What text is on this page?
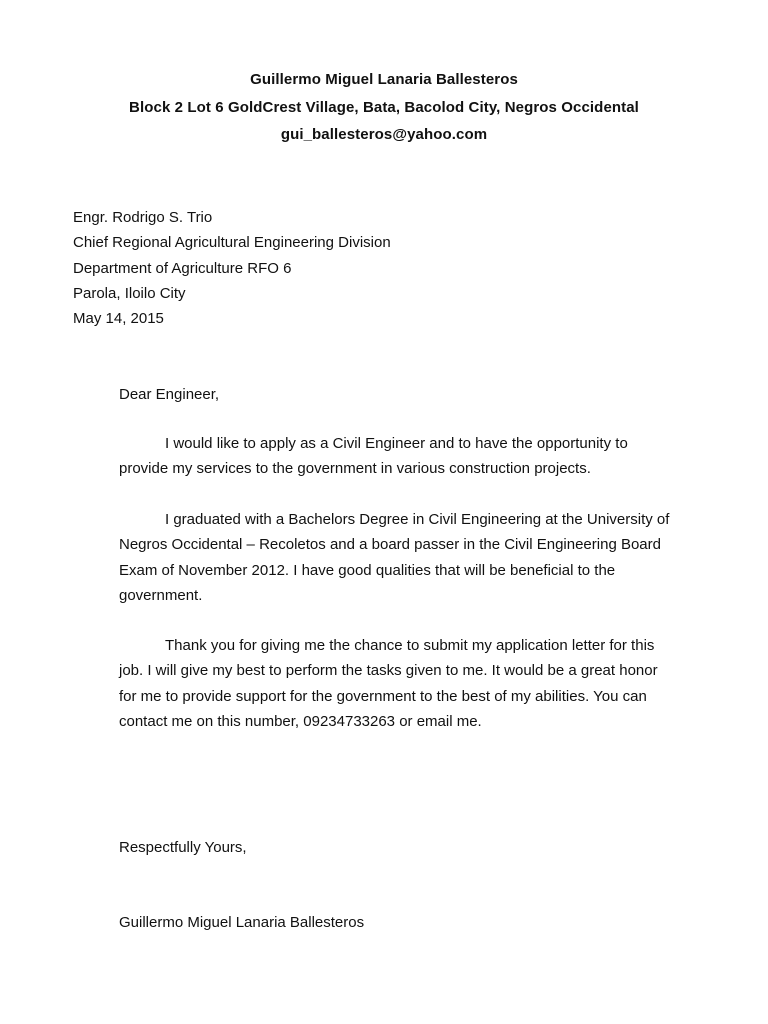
Guillermo Miguel Lanaria Ballesteros
Block 2 Lot 6 GoldCrest Village, Bata, Bacolod City, Negros Occidental
gui_ballesteros@yahoo.com
Engr. Rodrigo S. Trio
Chief Regional Agricultural Engineering Division
Department of Agriculture RFO 6
Parola, Iloilo City
May 14, 2015
Dear Engineer,
I would like to apply as a Civil Engineer and to have the opportunity to
provide my services to the government in various construction projects.
I graduated with a Bachelors Degree in Civil Engineering at the University of
Negros Occidental – Recoletos and a board passer in the Civil Engineering Board
Exam of November 2012. I have good qualities that will be beneficial to the
government.
Thank you for giving me the chance to submit my application letter for this
job. I will give my best to perform the tasks given to me. It would be a great honor
for me to provide support for the government to the best of my abilities. You can
contact me on this number, 09234733263 or email me.
Respectfully Yours,
Guillermo Miguel Lanaria Ballesteros
